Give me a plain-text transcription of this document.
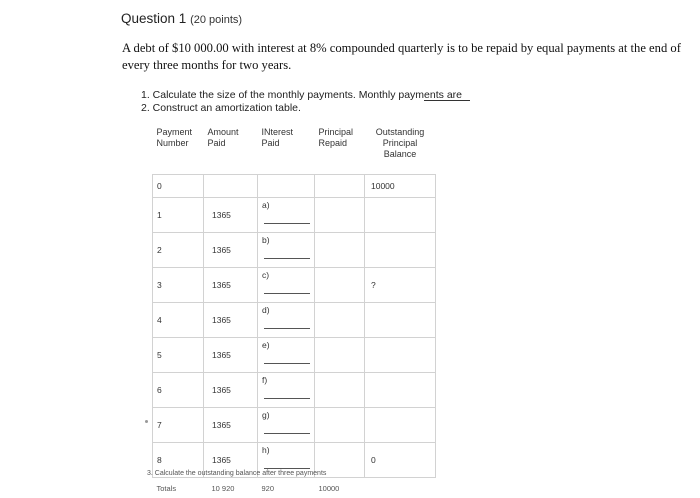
Question 1 (20 points)
A debt of $10 000.00 with interest at 8% compounded quarterly is to be repaid by equal payments at the end of every three months for two years.
1. Calculate the size of the monthly payments. Monthly payments are
2. Construct an amortization table.
Payment Number	Amount Paid	INterest Paid	Principal Repaid	Outstanding Principal Balance
0				10000
1	1365	a)

2	1365	b)

3	1365	c)		?
4	1365	d)

5	1365	e)

6	1365	f)

7	1365	g)

8	1365	h)		0
Totals	10 920	920	10000	
3. Calculate the outstanding balance after three payments
